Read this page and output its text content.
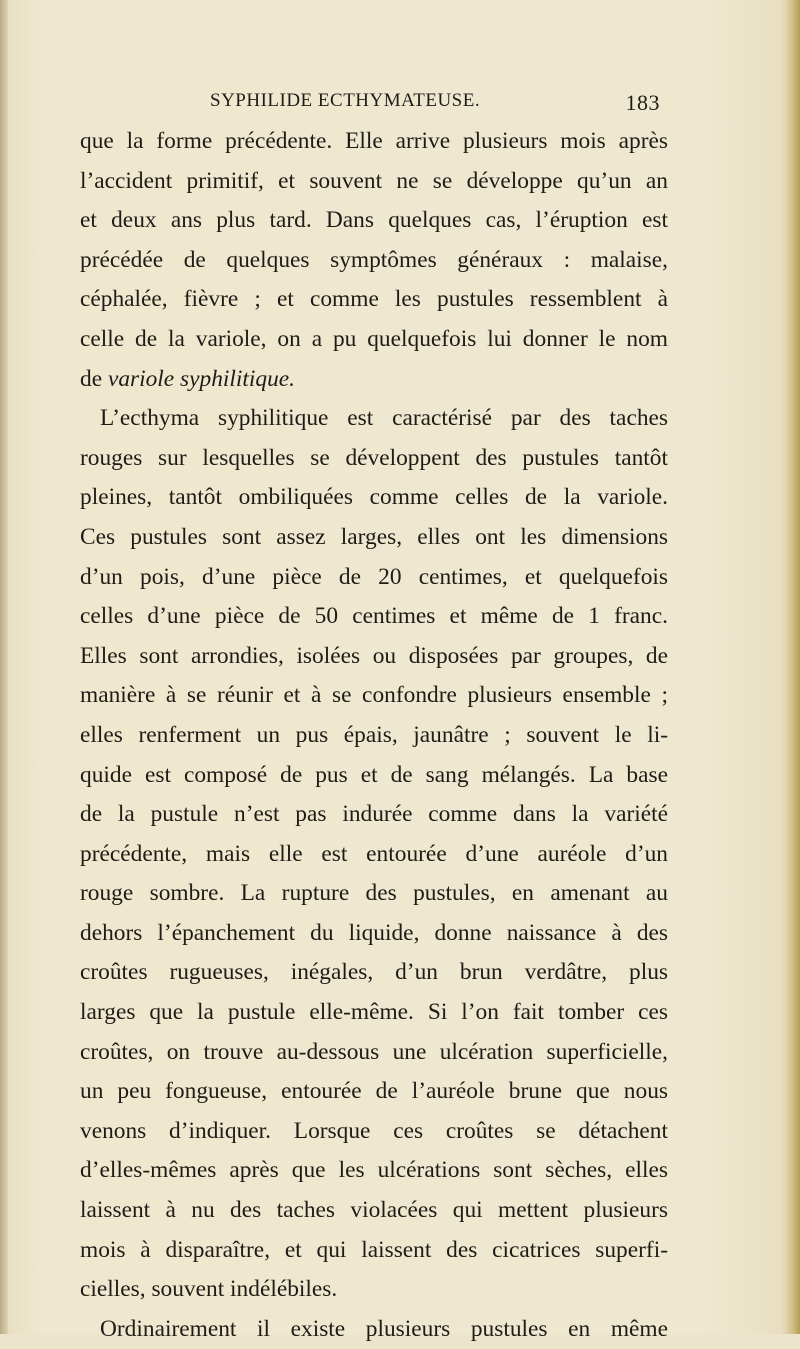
SYPHILIDE ECTHYMATEUSE.	183
que la forme précédente. Elle arrive plusieurs mois après
l’accident primitif, et souvent ne se développe qu’un an
et deux ans plus tard. Dans quelques cas, l’éruption est
précédée de quelques symptômes généraux : malaise,
céphalée, fièvre ; et comme les pustules ressemblent à
celle de la variole, on a pu quelquefois lui donner le nom
de variole syphilitique.
L’ecthyma syphilitique est caractérisé par des taches
rouges sur lesquelles se développent des pustules tantôt
pleines, tantôt ombiliquées comme celles de la variole.
Ces pustules sont assez larges, elles ont les dimensions
d’un pois, d’une pièce de 20 centimes, et quelquefois
celles d’une pièce de 50 centimes et même de 1 franc.
Elles sont arrondies, isolées ou disposées par groupes, de
manière à se réunir et à se confondre plusieurs ensemble ;
elles renferment un pus épais, jaunâtre ; souvent le li-
quide est composé de pus et de sang mélangés. La base
de la pustule n’est pas indurée comme dans la variété
précédente, mais elle est entourée d’une auréole d’un
rouge sombre. La rupture des pustules, en amenant au
dehors l’épanchement du liquide, donne naissance à des
croûtes rugueuses, inégales, d’un brun verdâtre, plus
larges que la pustule elle-même. Si l’on fait tomber ces
croûtes, on trouve au-dessous une ulcération superficielle,
un peu fongueuse, entourée de l’auréole brune que nous
venons d’indiquer. Lorsque ces croûtes se détachent
d’elles-mêmes après que les ulcérations sont sèches, elles
laissent à nu des taches violacées qui mettent plusieurs
mois à disparaître, et qui laissent des cicatrices superfi-
cielles, souvent indélébiles.
Ordinairement il existe plusieurs pustules en même
